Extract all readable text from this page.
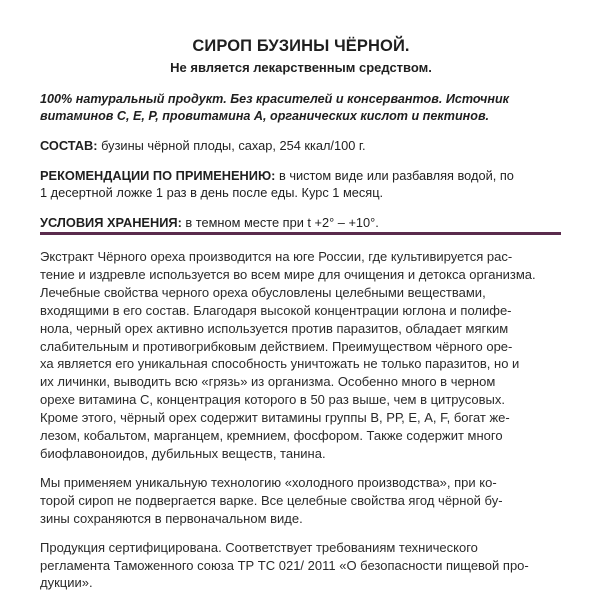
СИРОП БУЗИНЫ ЧЁРНОЙ.

Не является лекарственным средством.

100% натуральный продукт. Без красителей и консервантов. Источник
витаминов С, Е, Р, провитамина А, органических кислот и пектинов.

СОСТАВ: бузины чёрной плоды, сахар, 254 ккал/100 г.

РЕКОМЕНДАЦИИ ПО ПРИМЕНЕНИЮ: в чистом виде или разбавляя водой, по
1 десертной ложке 1 раз в день после еды. Курс 1 месяц.

УСЛОВИЯ ХРАНЕНИЯ: в темном месте при t +2° – +10°.

Экстракт Чёрного ореха производится на юге России, где культивируется рас-
тение и издревле используется во всем мире для очищения и детокса организма.
Лечебные свойства черного ореха обусловлены целебными веществами,
входящими в его состав. Благодаря высокой концентрации юглона и полифе-
нола, черный орех активно используется против паразитов, обладает мягким
слабительным и противогрибковым действием. Преимуществом чёрного оре-
ха является его уникальная способность уничтожать не только паразитов, но и
их личинки, выводить всю «грязь» из организма. Особенно много в черном
орехе витамина С, концентрация которого в 50 раз выше, чем в цитрусовых.
Кроме этого, чёрный орех содержит витамины группы В, РР, Е, А, F, богат же-
лезом, кобальтом, марганцем, кремнием, фосфором. Также содержит много
биофлавоноидов, дубильных веществ, танина.

Мы применяем уникальную технологию «холодного производства», при ко-
торой сироп не подвергается варке. Все целебные свойства ягод чёрной бу-
зины сохраняются в первоначальном виде.

Продукция сертифицирована. Соответствует требованиям технического
регламента Таможенного союза ТР ТС 021/ 2011 «О безопасности пищевой про-
дукции».
